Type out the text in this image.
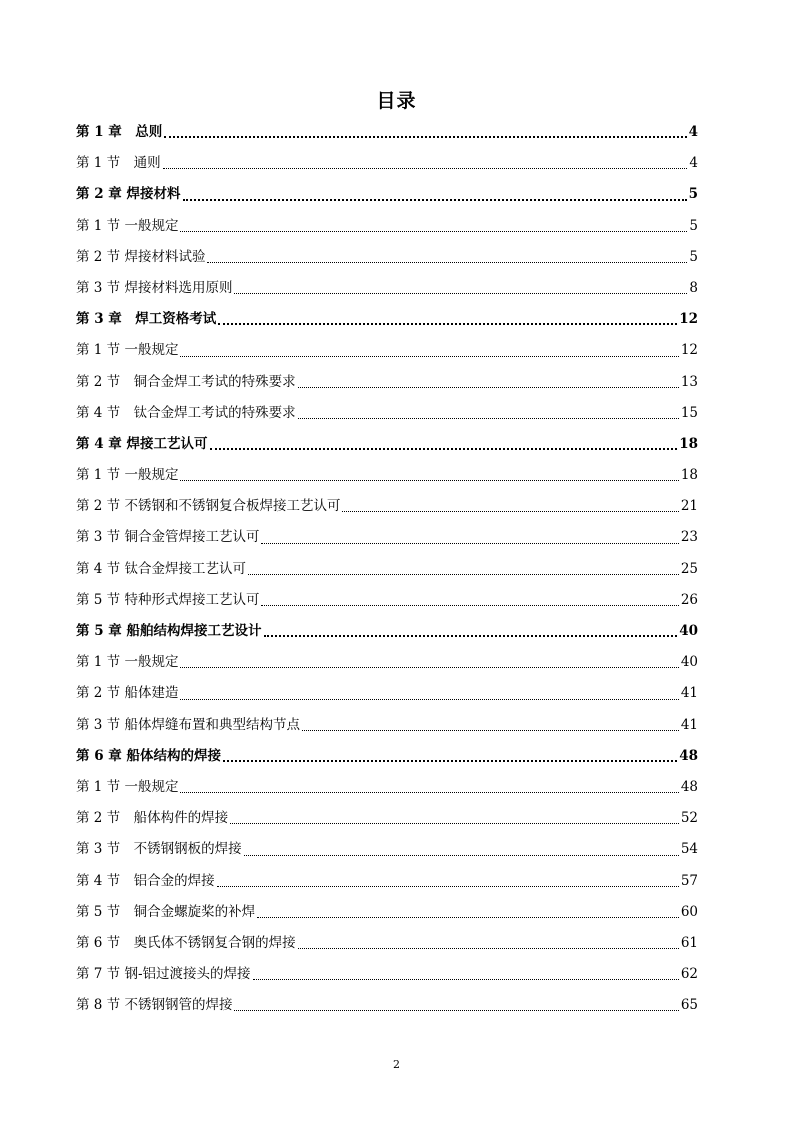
目录
第 1 章　总则	4
第 1 节　通则	4
第 2 章 焊接材料	5
第 1 节 一般规定	5
第 2 节 焊接材料试验	5
第 3 节 焊接材料选用原则	8
第 3 章　焊工资格考试	12
第 1 节 一般规定	12
第 2 节　铜合金焊工考试的特殊要求	13
第 4 节　钛合金焊工考试的特殊要求	15
第 4 章 焊接工艺认可	18
第 1 节 一般规定	18
第 2 节 不锈钢和不锈钢复合板焊接工艺认可	21
第 3 节 铜合金管焊接工艺认可	23
第 4 节 钛合金焊接工艺认可	25
第 5 节 特种形式焊接工艺认可	26
第 5 章 船舶结构焊接工艺设计	40
第 1 节 一般规定	40
第 2 节 船体建造	41
第 3 节 船体焊缝布置和典型结构节点	41
第 6 章 船体结构的焊接	48
第 1 节 一般规定	48
第 2 节　船体构件的焊接	52
第 3 节　不锈钢钢板的焊接	54
第 4 节　铝合金的焊接	57
第 5 节　铜合金螺旋桨的补焊	60
第 6 节　奥氏体不锈钢复合钢的焊接	61
第 7 节 钢-铝过渡接头的焊接	62
第 8 节 不锈钢钢管的焊接	65
2
